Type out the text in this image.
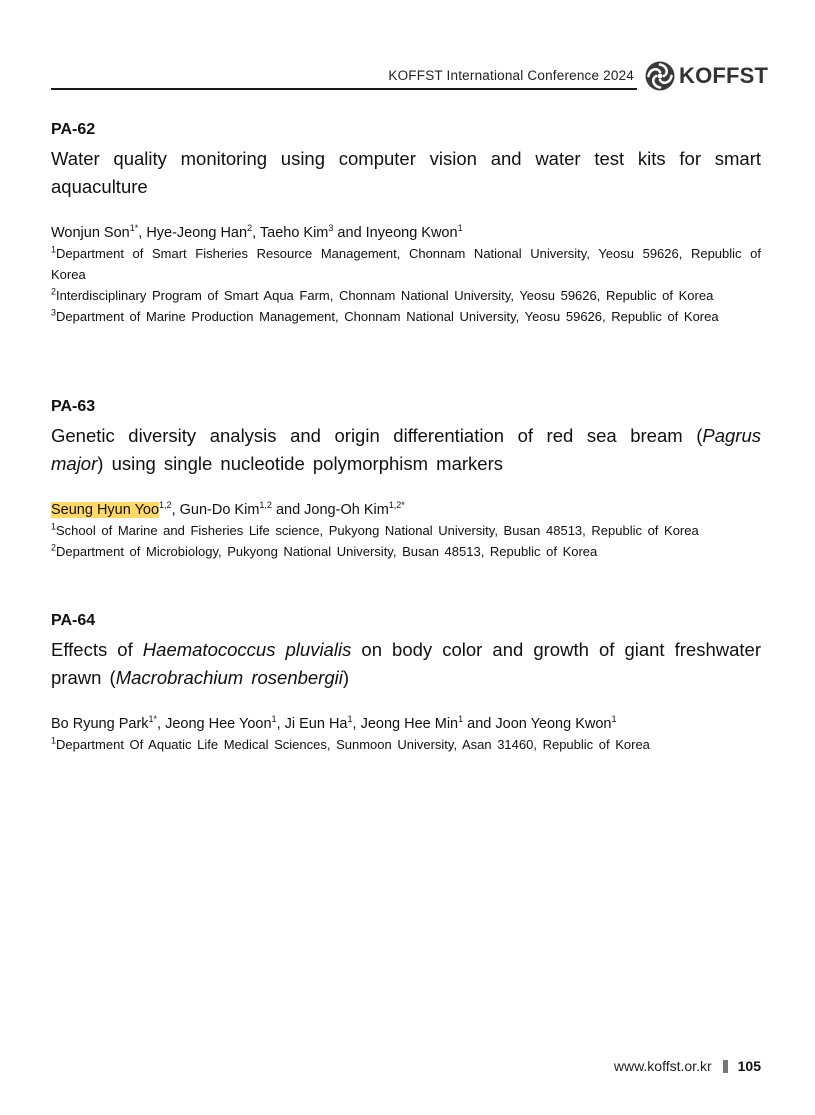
KOFFST International Conference 2024 KOFFST
PA-62
Water quality monitoring using computer vision and water test kits for smart aquaculture
Wonjun Son$^{1*}$, Hye-Jeong Han$^2$, Taeho Kim$^3$ and Inyeong Kwon$^1$
$^1$Department of Smart Fisheries Resource Management, Chonnam National University, Yeosu 59626, Republic of Korea
$^2$Interdisciplinary Program of Smart Aqua Farm, Chonnam National University, Yeosu 59626, Republic of Korea
$^3$Department of Marine Production Management, Chonnam National University, Yeosu 59626, Republic of Korea
PA-63
Genetic diversity analysis and origin differentiation of red sea bream (Pagrus major) using single nucleotide polymorphism markers
Seung Hyun Yoo$^{1,2}$, Gun-Do Kim$^{1,2}$ and Jong-Oh Kim$^{1,2*}$
$^1$School of Marine and Fisheries Life science, Pukyong National University, Busan 48513, Republic of Korea
$^2$Department of Microbiology, Pukyong National University, Busan 48513, Republic of Korea
PA-64
Effects of Haematococcus pluvialis on body color and growth of giant freshwater prawn (Macrobrachium rosenbergii)
Bo Ryung Park$^{1*}$, Jeong Hee Yoon$^1$, Ji Eun Ha$^1$, Jeong Hee Min$^1$ and Joon Yeong Kwon$^1$
$^1$Department Of Aquatic Life Medical Sciences, Sunmoon University, Asan 31460, Republic of Korea
www.koffst.or.kr 105
